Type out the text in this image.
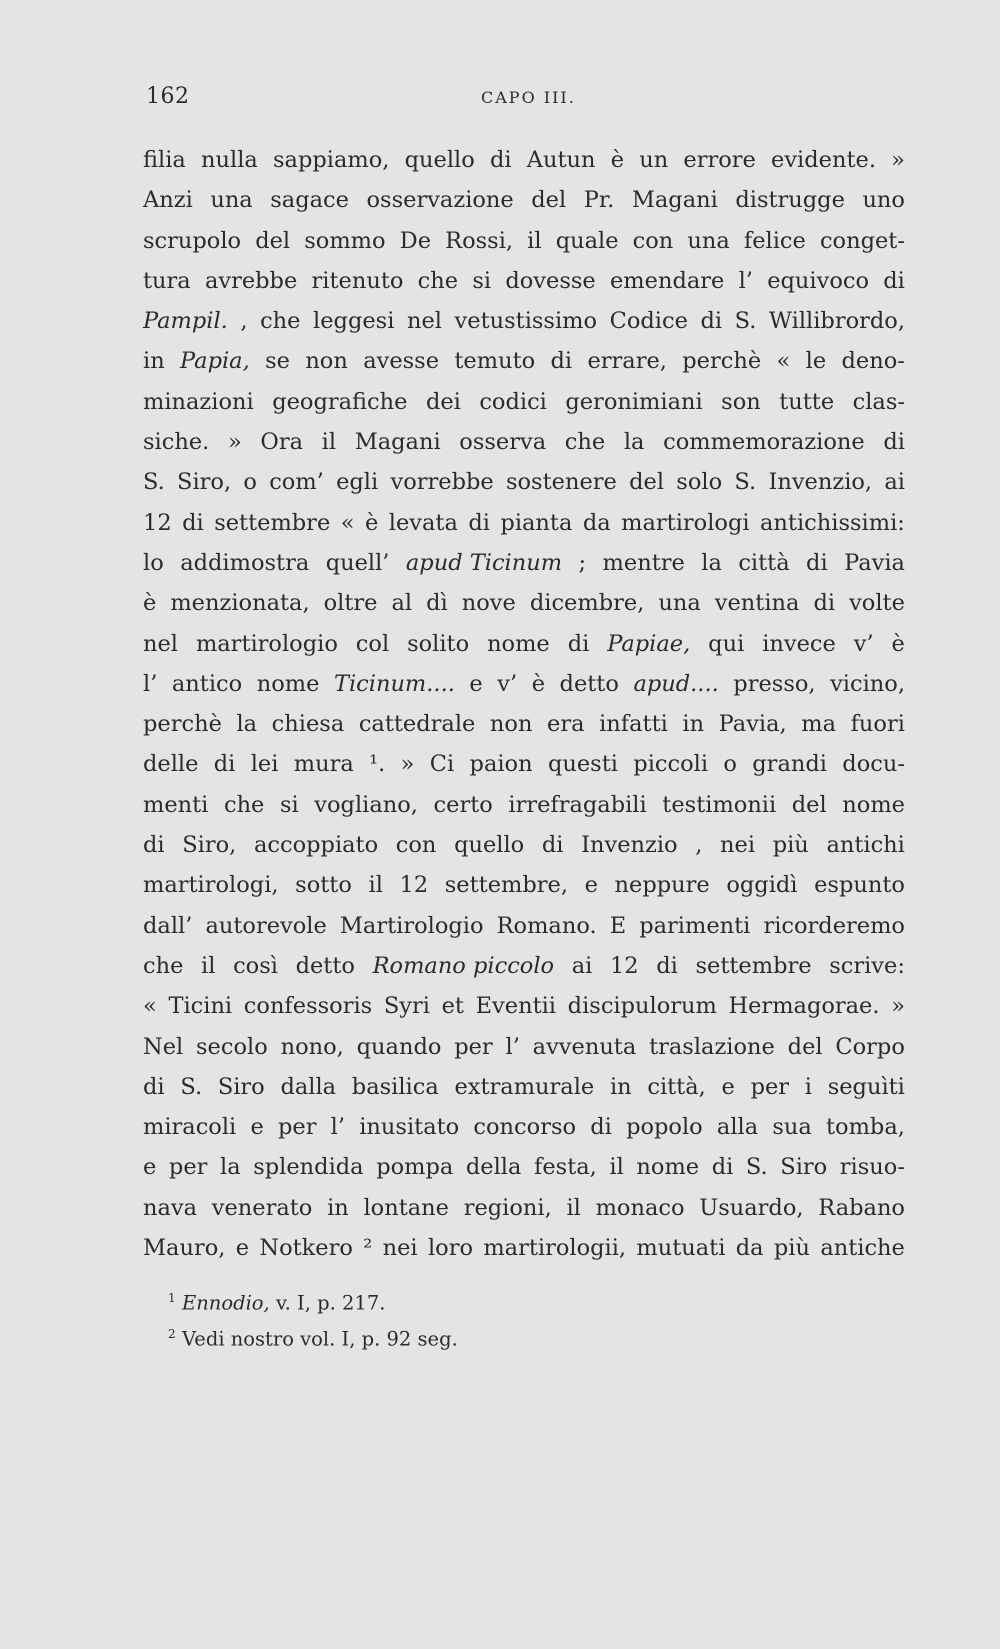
162	CAPO III.
filia nulla sappiamo, quello di Autun è un errore evidente. »
Anzi una sagace osservazione del Pr. Magani distrugge uno
scrupolo del sommo De Rossi, il quale con una felice conget-
tura avrebbe ritenuto che si dovesse emendare l’ equivoco di
Pampil. , che leggesi nel vetustissimo Codice di S. Willibrordo,
in Papia, se non avesse temuto di errare, perchè « le deno-
minazioni geografiche dei codici geronimiani son tutte clas-
siche. » Ora il Magani osserva che la commemorazione di
S. Siro, o com’ egli vorrebbe sostenere del solo S. Invenzio, ai
12 di settembre « è levata di pianta da martirologi antichissimi:
lo addimostra quell’ apud Ticinum ; mentre la città di Pavia
è menzionata, oltre al dì nove dicembre, una ventina di volte
nel martirologio col solito nome di Papiae, qui invece v’ è
l’ antico nome Ticinum.... e v’ è detto apud.... presso, vicino,
perchè la chiesa cattedrale non era infatti in Pavia, ma fuori
delle di lei mura ¹. » Ci paion questi piccoli o grandi docu-
menti che si vogliano, certo irrefragabili testimonii del nome
di Siro, accoppiato con quello di Invenzio , nei più antichi
martirologi, sotto il 12 settembre, e neppure oggidì espunto
dall’ autorevole Martirologio Romano. E parimenti ricorderemo
che il così detto Romano piccolo ai 12 di settembre scrive:
« Ticini confessoris Syri et Eventii discipulorum Hermagorae. »
Nel secolo nono, quando per l’ avvenuta traslazione del Corpo
di S. Siro dalla basilica extramurale in città, e per i seguìti
miracoli e per l’ inusitato concorso di popolo alla sua tomba,
e per la splendida pompa della festa, il nome di S. Siro risuo-
nava venerato in lontane regioni, il monaco Usuardo, Rabano
Mauro, e Notkero ² nei loro martirologii, mutuati da più antiche
1 Ennodio, v. I, p. 217.
2 Vedi nostro vol. I, p. 92 seg.
